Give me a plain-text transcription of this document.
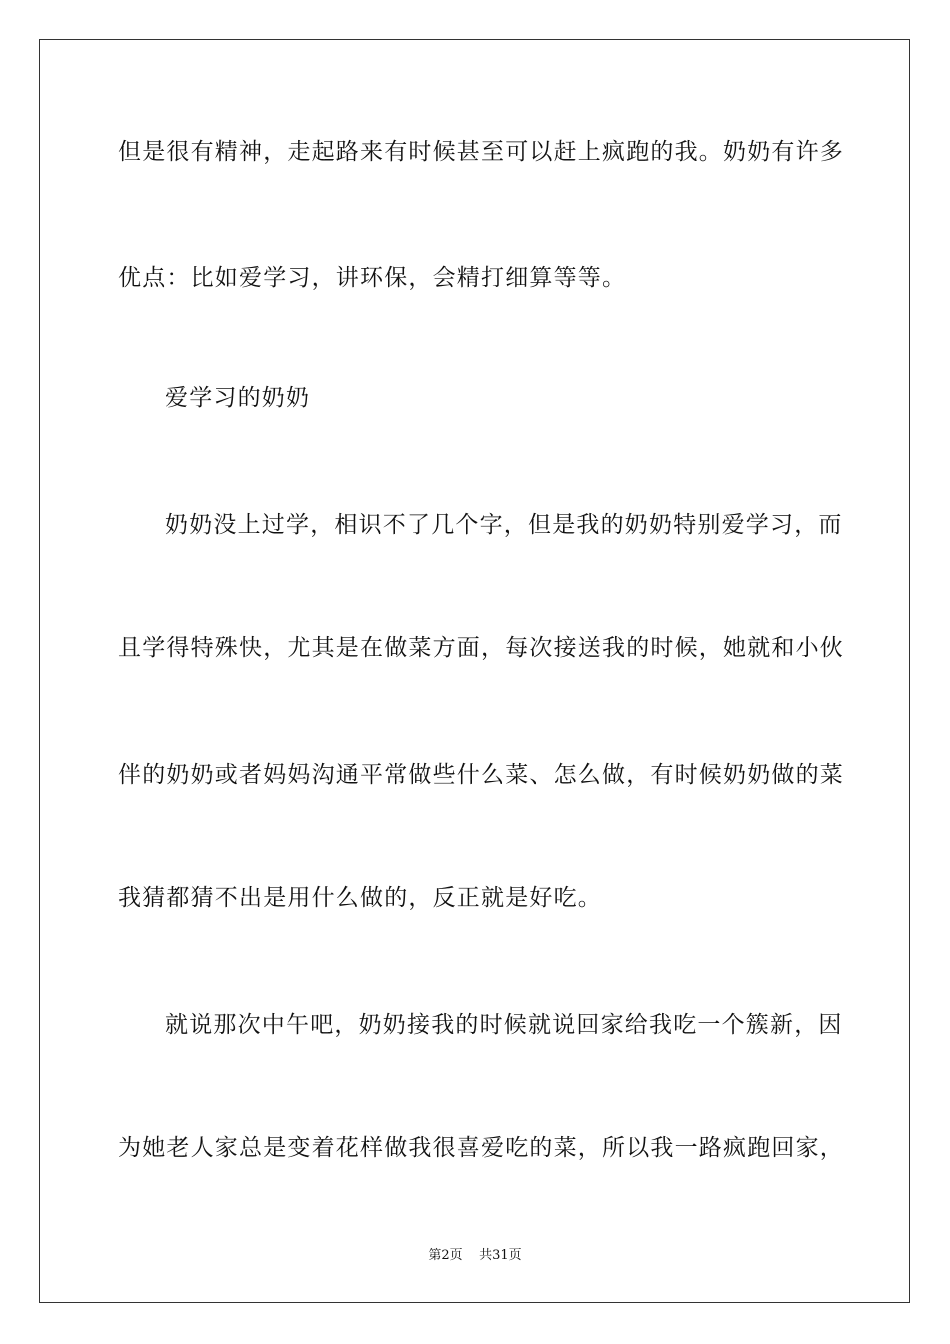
但是很有精神，走起路来有时候甚至可以赶上疯跑的我。奶奶有许多
优点：比如爱学习，讲环保，会精打细算等等。
爱学习的奶奶
奶奶没上过学，相识不了几个字，但是我的奶奶特别爱学习，而
且学得特殊快，尤其是在做菜方面，每次接送我的时候，她就和小伙
伴的奶奶或者妈妈沟通平常做些什么菜、怎么做，有时候奶奶做的菜
我猜都猜不出是用什么做的，反正就是好吃。
就说那次中午吧，奶奶接我的时候就说回家给我吃一个簇新，因
为她老人家总是变着花样做我很喜爱吃的菜，所以我一路疯跑回家，
第2页 共31页
